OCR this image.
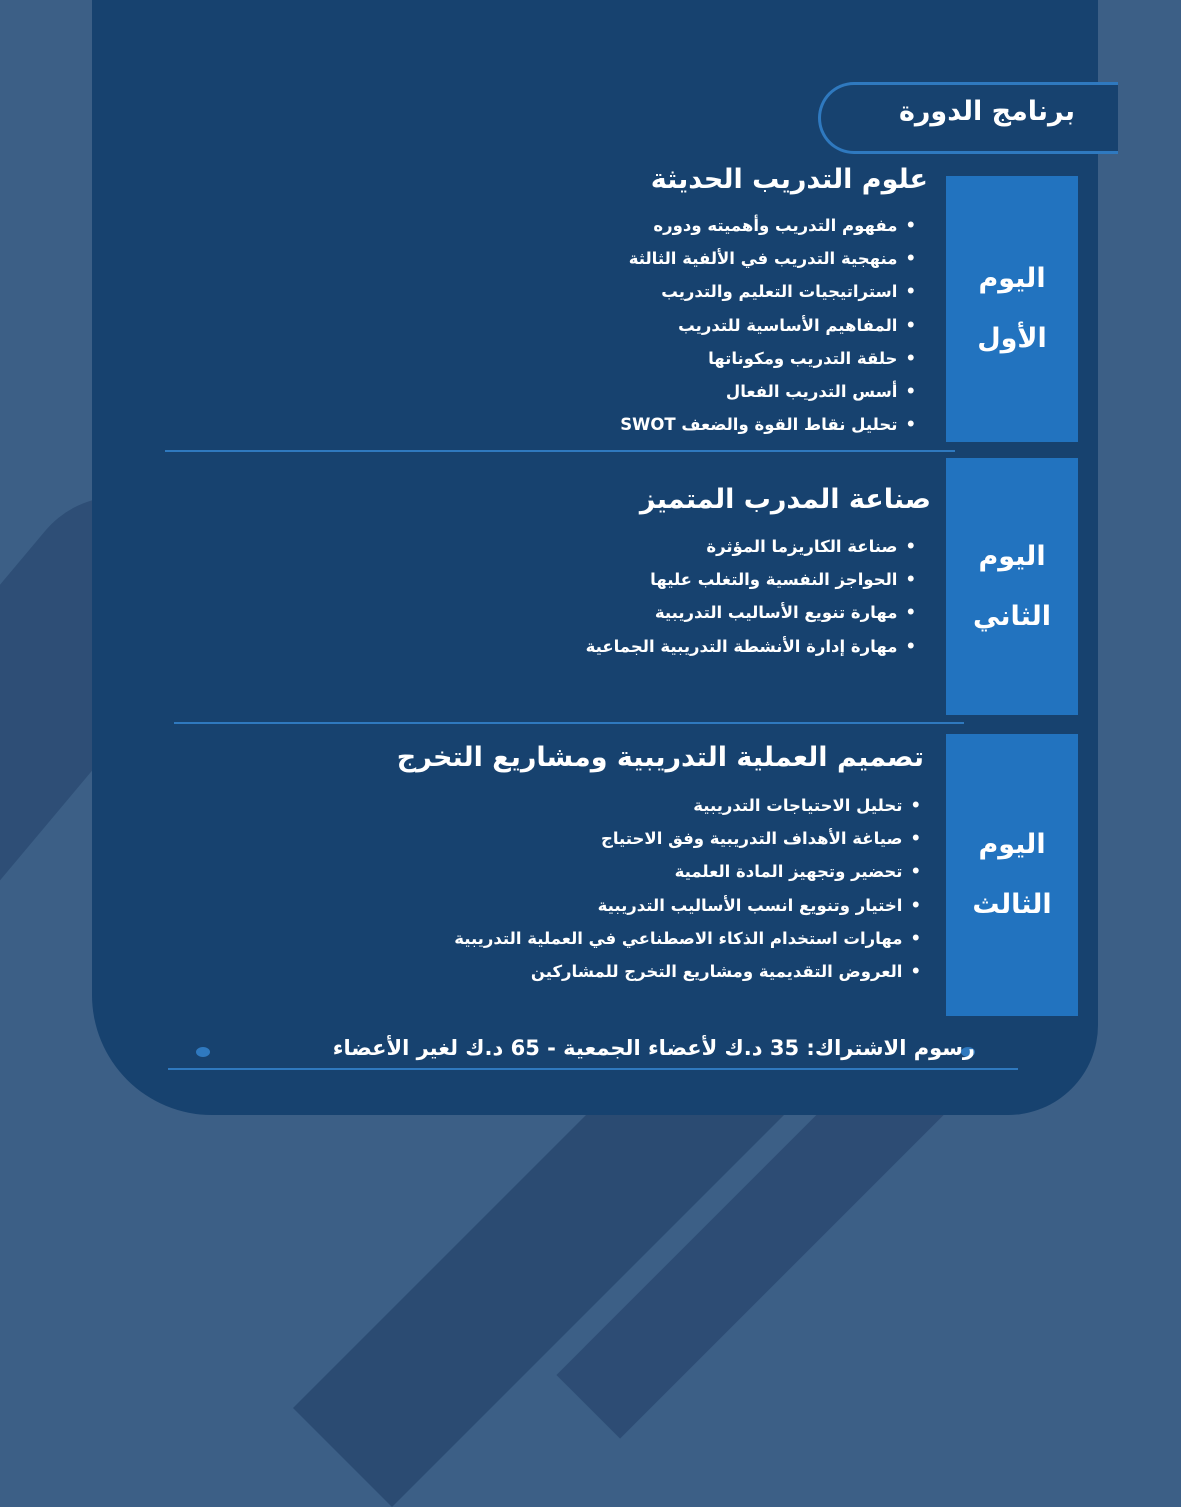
برنامج الدورة
اليوم
الأول
علوم التدريب الحديثة
• مفهوم التدريب وأهميته ودوره
• منهجية التدريب في الألفية الثالثة
• استراتيجيات التعليم والتدريب
• المفاهيم الأساسية للتدريب
• حلقة التدريب ومكوناتها
• أسس التدريب الفعال
• تحليل نقاط القوة والضعف SWOT
اليوم
الثاني
صناعة المدرب المتميز
• صناعة الكاريزما المؤثرة
• الحواجز النفسية والتغلب عليها
• مهارة تنويع الأساليب التدريبية
• مهارة إدارة الأنشطة التدريبية الجماعية
اليوم
الثالث
تصميم العملية التدريبية ومشاريع التخرج
• تحليل الاحتياجات التدريبية
• صياغة الأهداف التدريبية وفق الاحتياج
• تحضير وتجهيز المادة العلمية
• اختيار وتنويع انسب الأساليب التدريبية
• مهارات استخدام الذكاء الاصطناعي في العملية التدريبية
• العروض التقديمية ومشاريع التخرج للمشاركين
رسوم الاشتراك: 35 د.ك لأعضاء الجمعية - 65 د.ك لغير الأعضاء
